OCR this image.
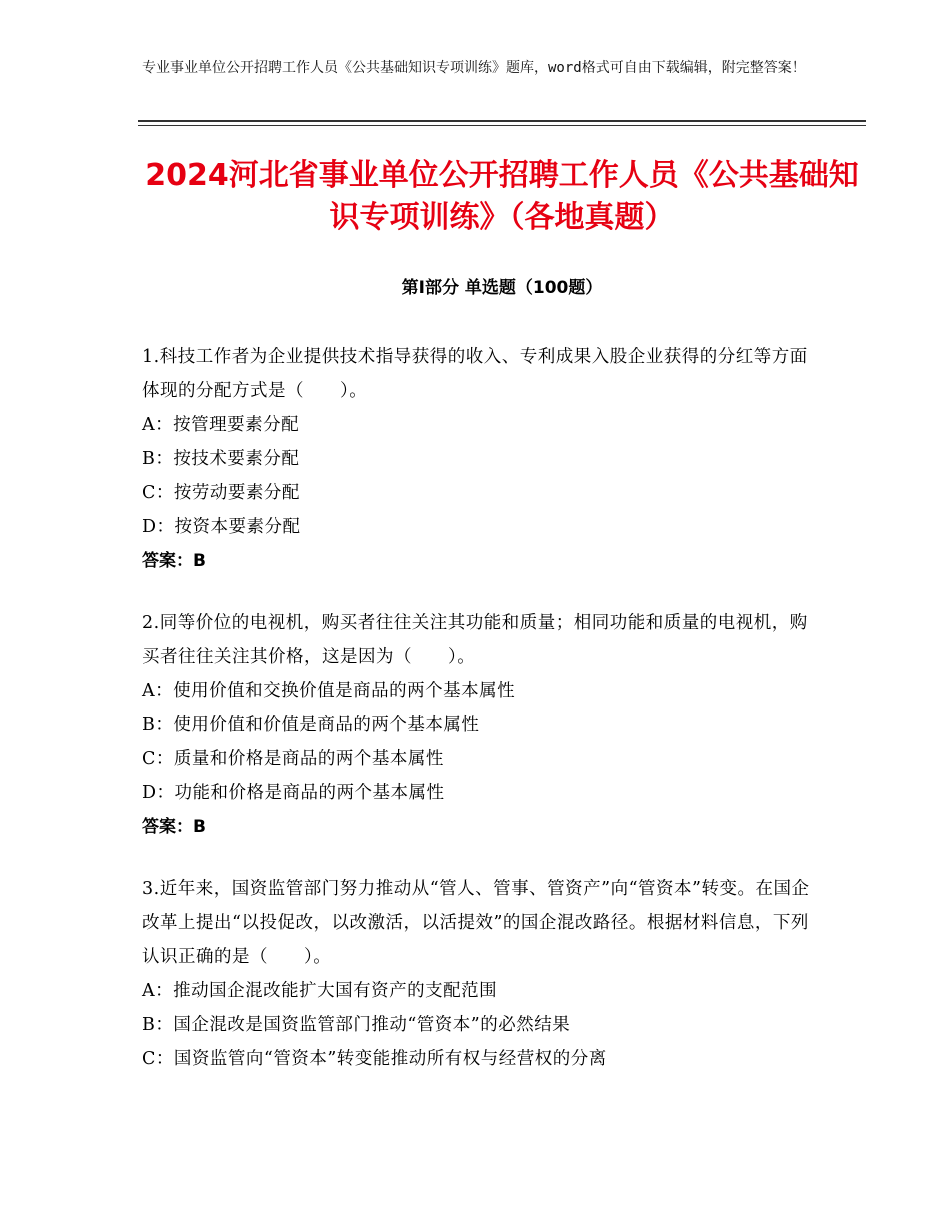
专业事业单位公开招聘工作人员《公共基础知识专项训练》题库，word格式可自由下载编辑，附完整答案！
2024河北省事业单位公开招聘工作人员《公共基础知识专项训练》（各地真题）
第I部分 单选题（100题）
1.科技工作者为企业提供技术指导获得的收入、专利成果入股企业获得的分红等方面体现的分配方式是（　　）。
A：按管理要素分配
B：按技术要素分配
C：按劳动要素分配
D：按资本要素分配
答案：B
2.同等价位的电视机，购买者往往关注其功能和质量；相同功能和质量的电视机，购买者往往关注其价格，这是因为（　　）。
A：使用价值和交换价值是商品的两个基本属性
B：使用价值和价值是商品的两个基本属性
C：质量和价格是商品的两个基本属性
D：功能和价格是商品的两个基本属性
答案：B
3.近年来，国资监管部门努力推动从“管人、管事、管资产”向“管资本”转变。在国企改革上提出“以投促改，以改激活，以活提效”的国企混改路径。根据材料信息，下列认识正确的是（　　）。
A：推动国企混改能扩大国有资产的支配范围
B：国企混改是国资监管部门推动“管资本”的必然结果
C：国资监管向“管资本”转变能推动所有权与经营权的分离
